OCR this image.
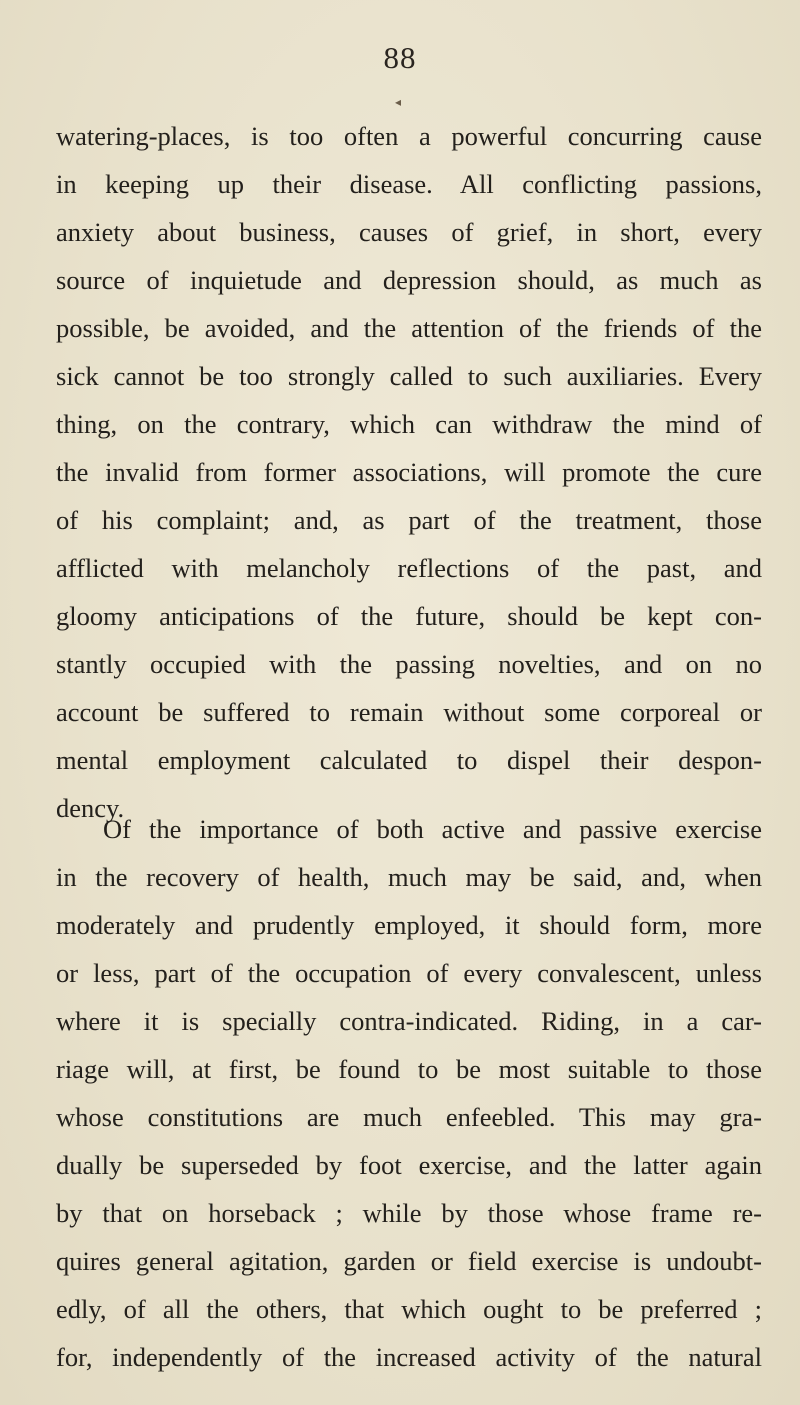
88
◂
watering-places, is too often a powerful concurring cause
in keeping up their disease. All conflicting passions,
anxiety about business, causes of grief, in short, every
source of inquietude and depression should, as much as
possible, be avoided, and the attention of the friends of the
sick cannot be too strongly called to such auxiliaries. Every
thing, on the contrary, which can withdraw the mind of
the invalid from former associations, will promote the cure
of his complaint; and, as part of the treatment, those
afflicted with melancholy reflections of the past, and
gloomy anticipations of the future, should be kept con-
stantly occupied with the passing novelties, and on no
account be suffered to remain without some corporeal or
mental employment calculated to dispel their despon-
dency.
Of the importance of both active and passive exercise
in the recovery of health, much may be said, and, when
moderately and prudently employed, it should form, more
or less, part of the occupation of every convalescent, unless
where it is specially contra-indicated. Riding, in a car-
riage will, at first, be found to be most suitable to those
whose constitutions are much enfeebled. This may gra-
dually be superseded by foot exercise, and the latter again
by that on horseback ; while by those whose frame re-
quires general agitation, garden or field exercise is undoubt-
edly, of all the others, that which ought to be preferred ;
for, independently of the increased activity of the natural
